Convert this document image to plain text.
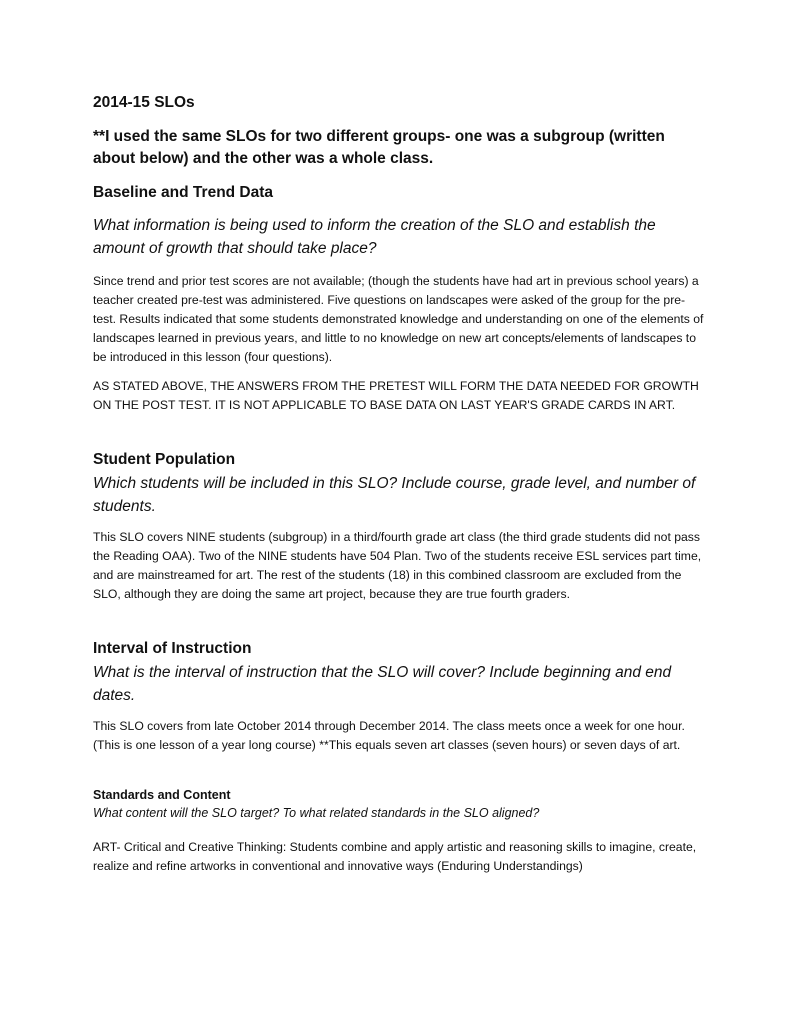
2014-15 SLOs

**I used the same SLOs for two different groups- one was a subgroup (written about below) and the other was a whole class.

Baseline and Trend Data

What information is being used to inform the creation of the SLO and establish the amount of growth that should take place?

Since trend and prior test scores are not available; (though the students have had art in previous school years) a teacher created pre-test was administered. Five questions on landscapes were asked of the group for the pre-test. Results indicated that some students demonstrated knowledge and understanding on one of the elements of landscapes learned in previous years, and little to no knowledge on new art concepts/elements of landscapes to be introduced in this lesson (four questions).

AS STATED ABOVE, THE ANSWERS FROM THE PRETEST WILL FORM THE DATA NEEDED FOR GROWTH ON THE POST TEST. IT IS NOT APPLICABLE TO BASE DATA ON LAST YEAR'S GRADE CARDS IN ART.

Student Population

Which students will be included in this SLO? Include course, grade level, and number of students.

This SLO covers NINE students (subgroup) in a third/fourth grade art class (the third grade students did not pass the Reading OAA). Two of the NINE students have 504 Plan. Two of the students receive ESL services part time, and are mainstreamed for art. The rest of the students (18) in this combined classroom are excluded from the SLO, although they are doing the same art project, because they are true fourth graders.

Interval of Instruction

What is the interval of instruction that the SLO will cover? Include beginning and end dates.

This SLO covers from late October 2014 through December 2014. The class meets once a week for one hour. (This is one lesson of a year long course) **This equals seven art classes (seven hours) or seven days of art.

Standards and Content

What content will the SLO target? To what related standards in the SLO aligned?

ART- Critical and Creative Thinking: Students combine and apply artistic and reasoning skills to imagine, create, realize and refine artworks in conventional and innovative ways (Enduring Understandings)
